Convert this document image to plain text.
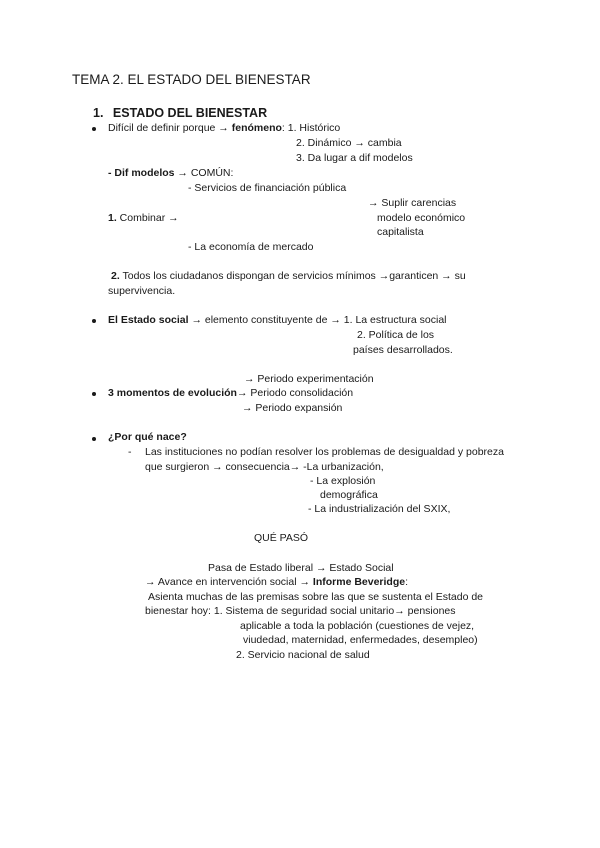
TEMA 2. EL ESTADO DEL BIENESTAR
1. ESTADO DEL BIENESTAR
Difícil de definir porque → fenómeno: 1. Histórico
2. Dinámico → cambia
3. Da lugar a dif modelos
- Dif modelos → COMÚN:
- Servicios de financiación pública
→ Suplir carencias
1. Combinar →	modelo económico
capitalista
- La economía de mercado
2. Todos los ciudadanos dispongan de servicios mínimos →garanticen → su
supervivencia.
El Estado social → elemento constituyente de → 1. La estructura social
2. Política de los
países desarrollados.
→ Periodo experimentación
3 momentos de evolución→ Periodo consolidación
→ Periodo expansión
¿Por qué nace?
- Las instituciones no podían resolver los problemas de desigualdad y pobreza
que surgieron → consecuencia→ -La urbanización,
- La explosión
demográfica
- La industrialización del SXIX,
QUÉ PASÓ
Pasa de Estado liberal → Estado Social
→ Avance en intervención social → Informe Beveridge:
Asienta muchas de las premisas sobre las que se sustenta el Estado de
bienestar hoy: 1. Sistema de seguridad social unitario→ pensiones
aplicable a toda la población (cuestiones de vejez,
viudedad, maternidad, enfermedades, desempleo)
2. Servicio nacional de salud
